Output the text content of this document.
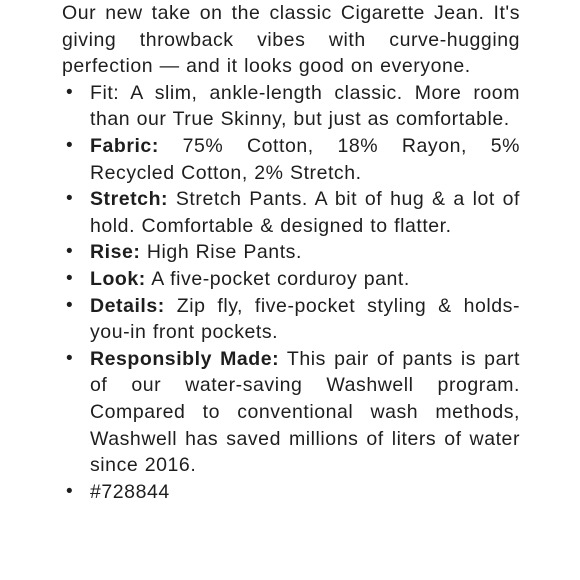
Our new take on the classic Cigarette Jean. It's giving throwback vibes with curve-hugging perfection — and it looks good on everyone.

• Fit: A slim, ankle-length classic. More room than our True Skinny, but just as comfortable.
• Fabric: 75% Cotton, 18% Rayon, 5% Recycled Cotton, 2% Stretch.
• Stretch: Stretch Pants. A bit of hug & a lot of hold. Comfortable & designed to flatter.
• Rise: High Rise Pants.
• Look: A five-pocket corduroy pant.
• Details: Zip fly, five-pocket styling & holds-you-in front pockets.
• Responsibly Made: This pair of pants is part of our water-saving Washwell program. Compared to conventional wash methods, Washwell has saved millions of liters of water since 2016.
• #728844
